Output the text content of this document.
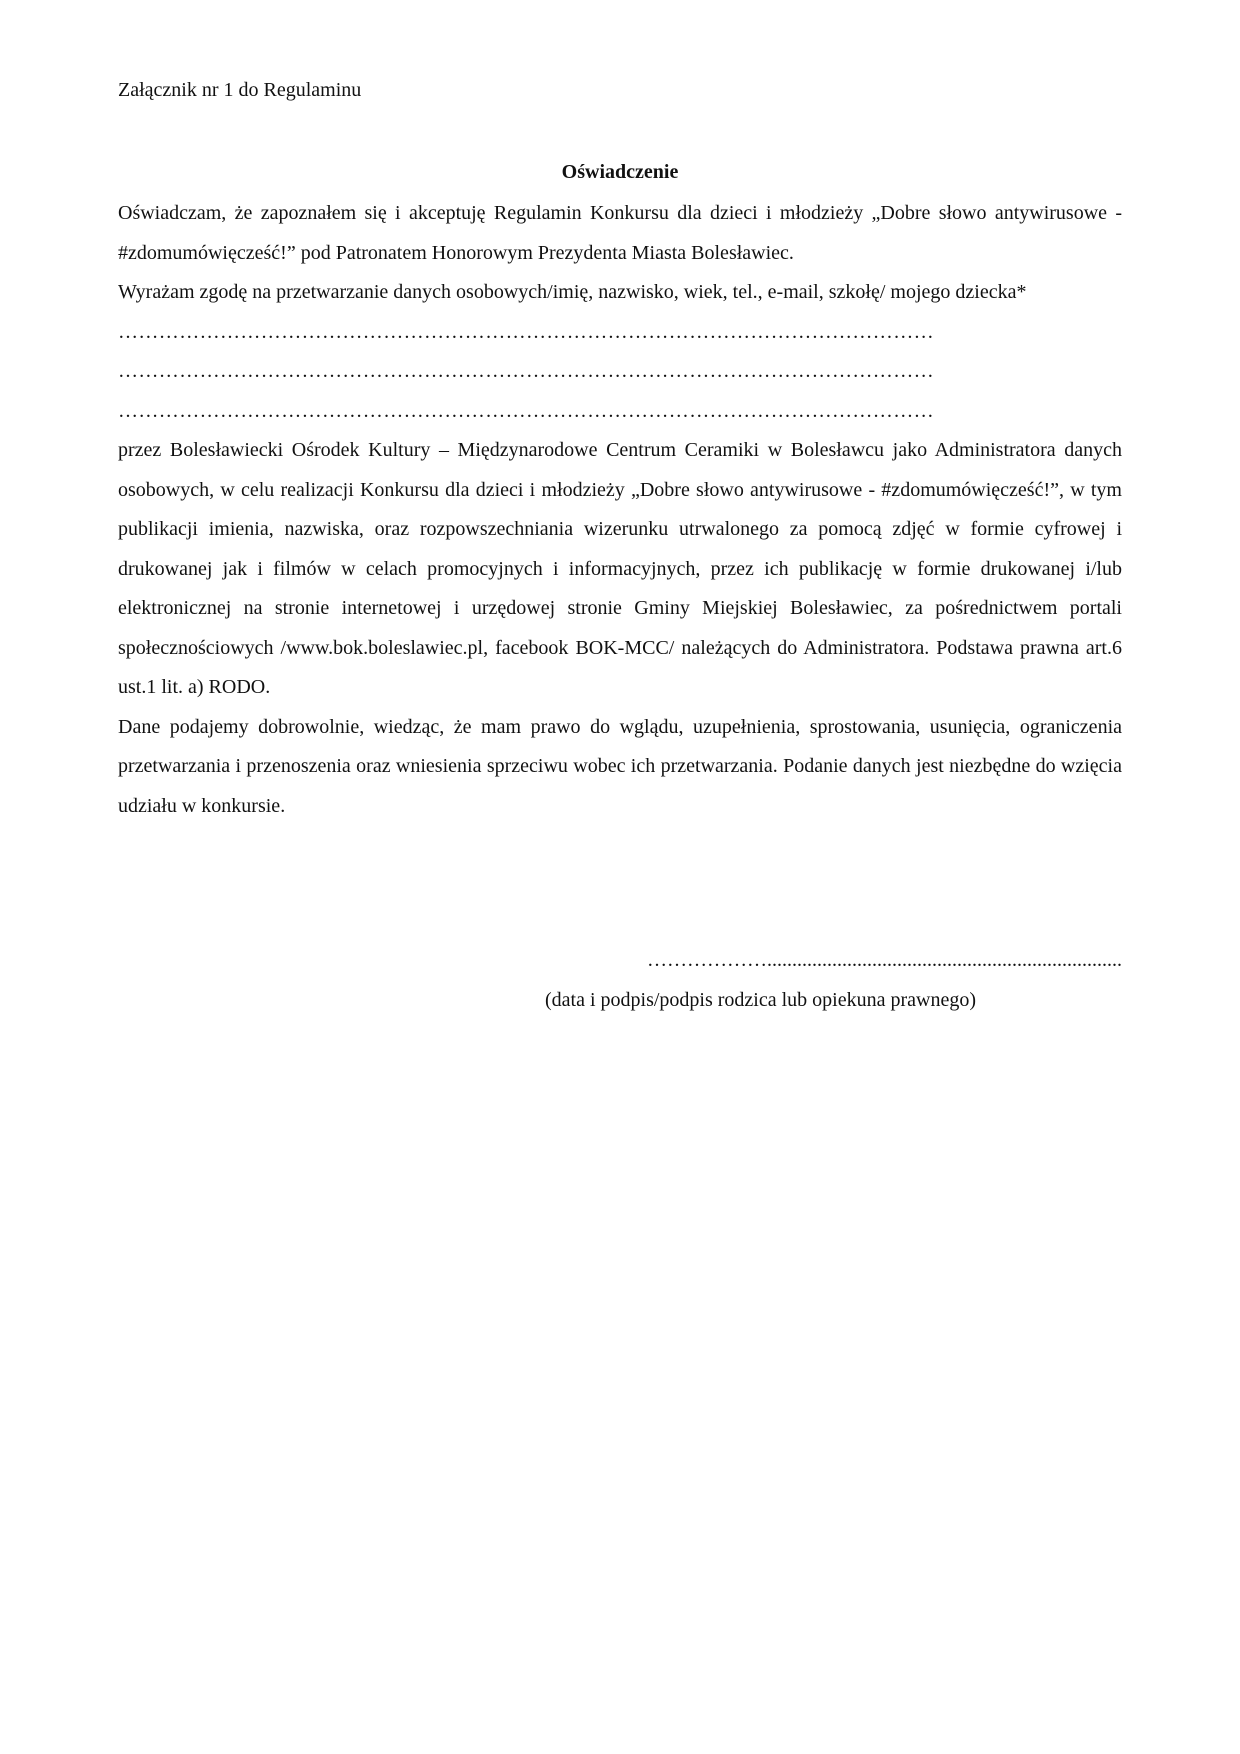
Załącznik nr 1 do Regulaminu
Oświadczenie

Oświadczam, że zapoznałem się i akceptuję Regulamin Konkursu dla dzieci i młodzieży „Dobre słowo antywirusowe - #zdomumówięcześć!” pod Patronatem Honorowym Prezydenta Miasta Bolesławiec.

Wyrażam zgodę na przetwarzanie danych osobowych/imię, nazwisko, wiek, tel., e-mail, szkołę/ mojego dziecka*

…………………………………………………………………………………………………………

…………………………………………………………………………………………………………

…………………………………………………………………………………………………………

przez Bolesławiecki Ośrodek Kultury – Międzynarodowe Centrum Ceramiki w Bolesławcu jako Administratora danych osobowych, w celu realizacji Konkursu dla dzieci i młodzieży „Dobre słowo antywirusowe - #zdomumówięcześć!”, w tym publikacji imienia, nazwiska, oraz rozpowszechniania wizerunku utrwalonego za pomocą zdjęć w formie cyfrowej i drukowanej jak i filmów w celach promocyjnych i informacyjnych, przez ich publikację w formie drukowanej i/lub elektronicznej na stronie internetowej i urzędowej stronie Gminy Miejskiej Bolesławiec, za pośrednictwem portali społecznościowych /www.bok.boleslawiec.pl, facebook BOK-MCC/ należących do Administratora. Podstawa prawna art.6 ust.1 lit. a) RODO.

Dane podajemy dobrowolnie, wiedząc, że mam prawo do wglądu, uzupełnienia, sprostowania, usunięcia, ograniczenia przetwarzania i przenoszenia oraz wniesienia sprzeciwu wobec ich przetwarzania. Podanie danych jest niezbędne do wzięcia udziału w konkursie.

……………….......................................................................
(data i podpis/podpis rodzica lub opiekuna prawnego)
